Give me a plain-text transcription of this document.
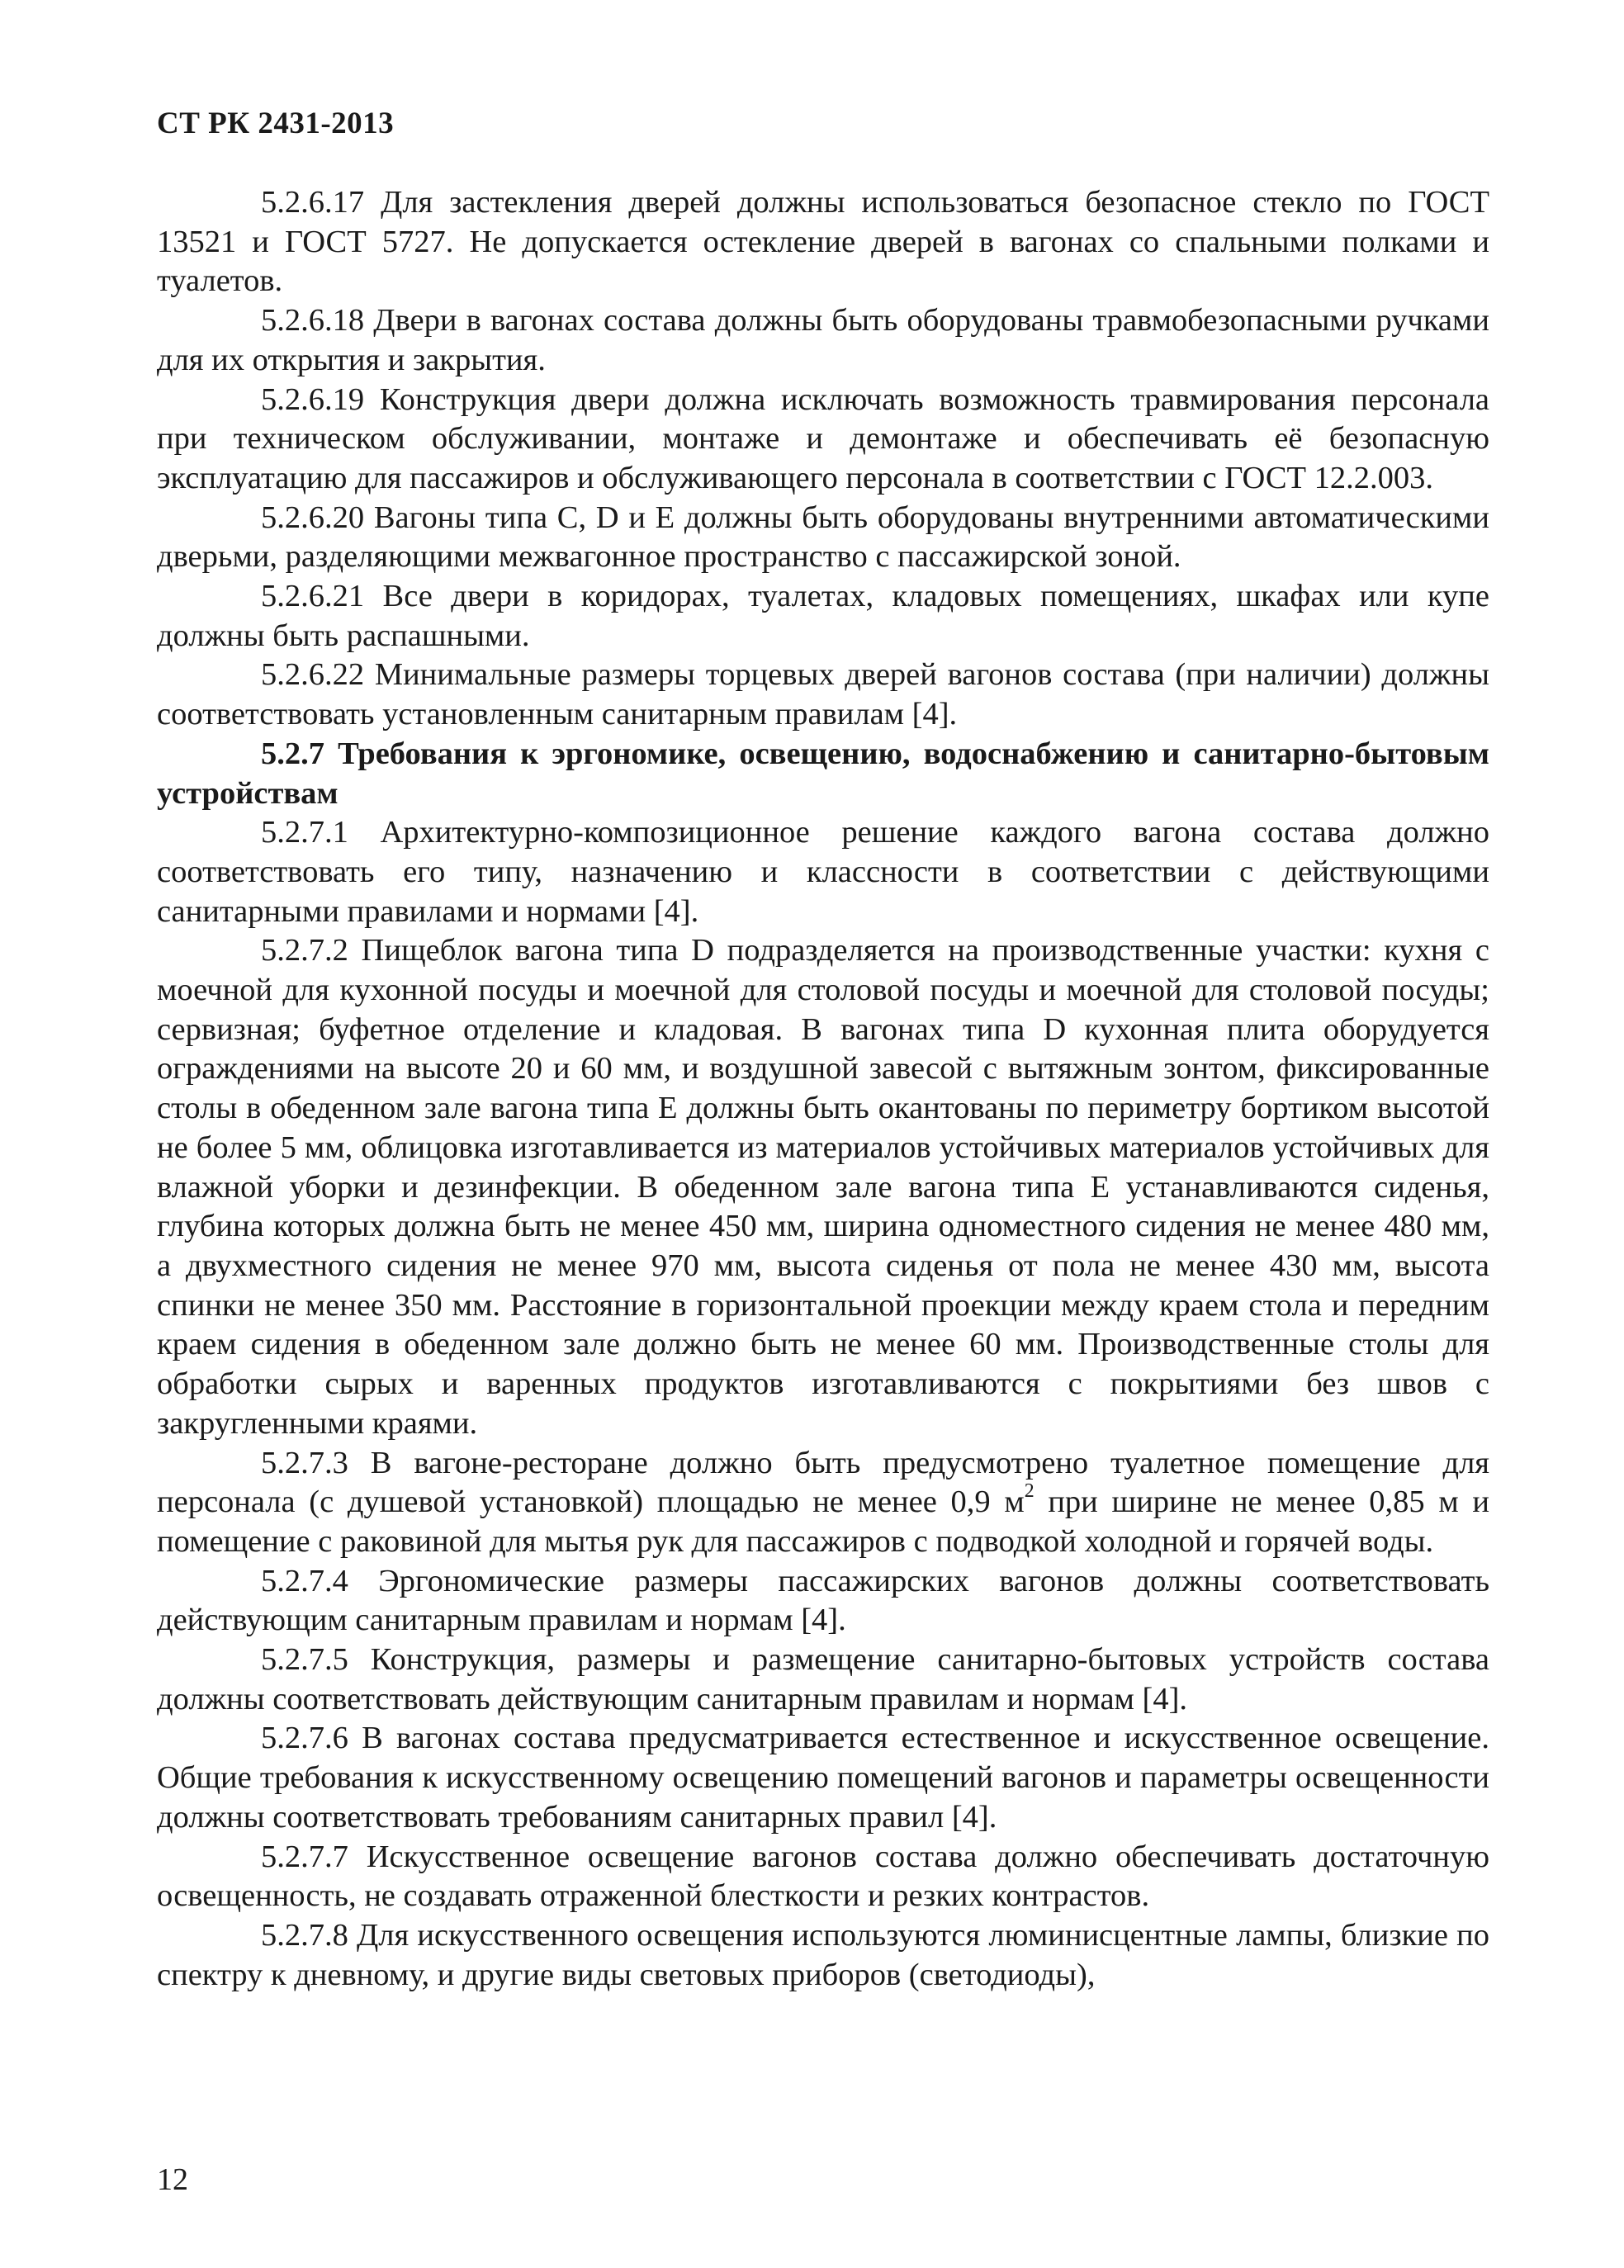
СТ РК 2431-2013

5.2.6.17 Для застекления дверей должны использоваться безопасное стекло по ГОСТ 13521 и ГОСТ 5727. Не допускается остекление дверей в вагонах со спальными полками и туалетов.

5.2.6.18 Двери в вагонах состава должны быть оборудованы травмобезопасными ручками для их открытия и закрытия.

5.2.6.19 Конструкция двери должна исключать возможность травмирования персонала при техническом обслуживании, монтаже и демонтаже и обеспечивать её безопасную эксплуатацию для пассажиров и обслуживающего персонала в соответствии с ГОСТ 12.2.003.

5.2.6.20 Вагоны типа С, D и Е должны быть оборудованы внутренними автоматическими дверьми, разделяющими межвагонное пространство с пассажирской зоной.

5.2.6.21 Все двери в коридорах, туалетах, кладовых помещениях, шкафах или купе должны быть распашными.

5.2.6.22 Минимальные размеры торцевых дверей вагонов состава (при наличии) должны соответствовать установленным санитарным правилам [4].

5.2.7 Требования к эргономике, освещению, водоснабжению и санитарно-бытовым устройствам

5.2.7.1 Архитектурно-композиционное решение каждого вагона состава должно соответствовать его типу, назначению и классности в соответствии с действующими санитарными правилами и нормами [4].

5.2.7.2 Пищеблок вагона типа D подразделяется на производственные участки: кухня с моечной для кухонной посуды и моечной для столовой посуды и моечной для столовой посуды; сервизная; буфетное отделение и кладовая. В вагонах типа D кухонная плита оборудуется ограждениями на высоте 20 и 60 мм, и воздушной завесой с вытяжным зонтом, фиксированные столы в обеденном зале вагона типа Е должны быть окантованы по периметру бортиком высотой не более 5 мм, облицовка изготавливается из материалов устойчивых материалов устойчивых для влажной уборки и дезинфекции. В обеденном зале вагона типа Е устанавливаются сиденья, глубина которых должна быть не менее 450 мм, ширина одноместного сидения не менее 480 мм, а двухместного сидения не менее 970 мм, высота сиденья от пола не менее 430 мм, высота спинки не менее 350 мм. Расстояние в горизонтальной проекции между краем стола и передним краем сидения в обеденном зале должно быть не менее 60 мм. Производственные столы для обработки сырых и варенных продуктов изготавливаются с покрытиями без швов с закругленными краями.

5.2.7.3 В вагоне-ресторане должно быть предусмотрено туалетное помещение для персонала (с душевой установкой) площадью не менее 0,9 $м^2$ при ширине не менее 0,85 м и помещение с раковиной для мытья рук для пассажиров с подводкой холодной и горячей воды.

5.2.7.4 Эргономические размеры пассажирских вагонов должны соответствовать действующим санитарным правилам и нормам [4].

5.2.7.5 Конструкция, размеры и размещение санитарно-бытовых устройств состава должны соответствовать действующим санитарным правилам и нормам [4].

5.2.7.6 В вагонах состава предусматривается естественное и искусственное освещение. Общие требования к искусственному освещению помещений вагонов и параметры освещенности должны соответствовать требованиям санитарных правил [4].

5.2.7.7 Искусственное освещение вагонов состава должно обеспечивать достаточную освещенность, не создавать отраженной блесткости и резких контрастов.

5.2.7.8 Для искусственного освещения используются люминисцентные лампы, близкие по спектру к дневному, и другие виды световых приборов (светодиоды),

12
